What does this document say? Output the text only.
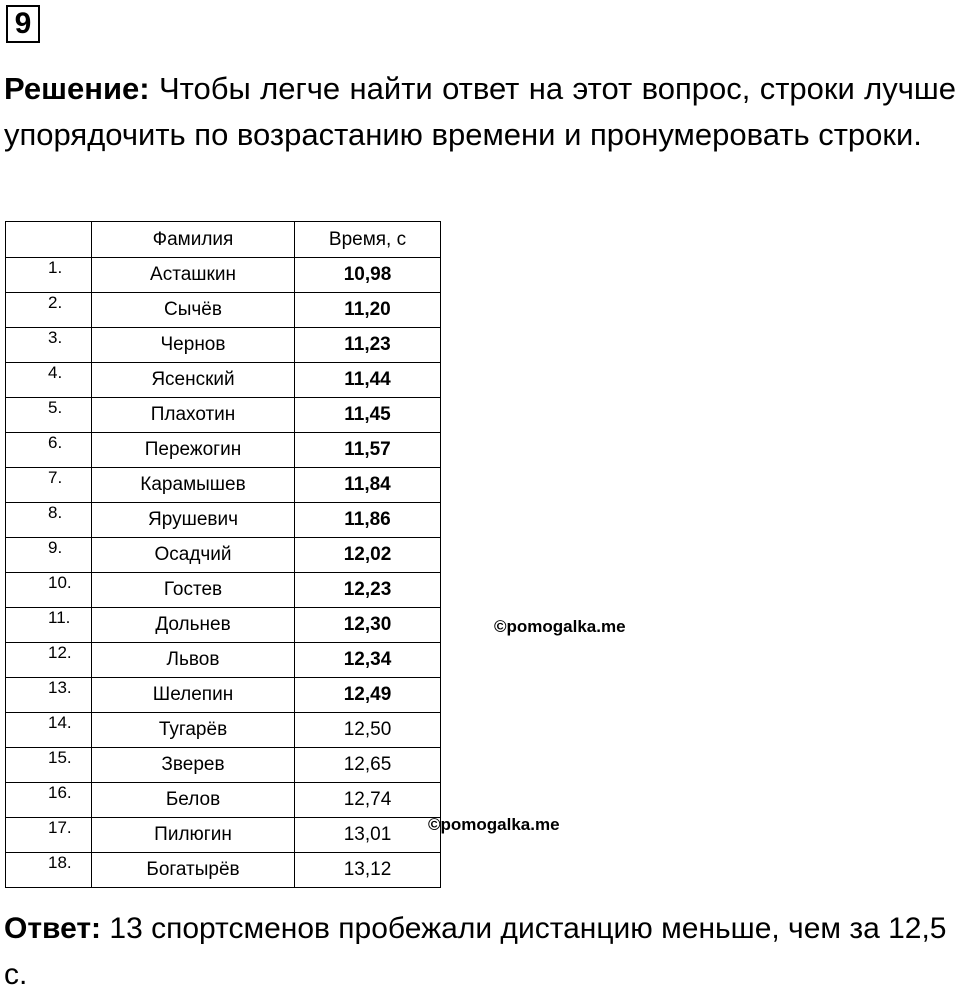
9
Решение: Чтобы легче найти ответ на этот вопрос, строки лучше упорядочить по возрастанию времени и пронумеровать строки.
	Фамилия	Время, с

1.	Асташкин	10,98

2.	Сычёв	11,20

3.	Чернов	11,23

4.	Ясенский	11,44

5.	Плахотин	11,45

6.	Пережогин	11,57

7.	Карамышев	11,84

8.	Ярушевич	11,86

9.	Осадчий	12,02

10.	Гостев	12,23

11.	Дольнев	12,30

12.	Львов	12,34

13.	Шелепин	12,49

14.	Тугарёв	12,50

15.	Зверев	12,65

16.	Белов	12,74

17.	Пилюгин	13,01

18.	Богатырёв	13,12
©pomogalka.me
©pomogalka.me
Ответ: 13 спортсменов пробежали дистанцию меньше, чем за 12,5 с.
